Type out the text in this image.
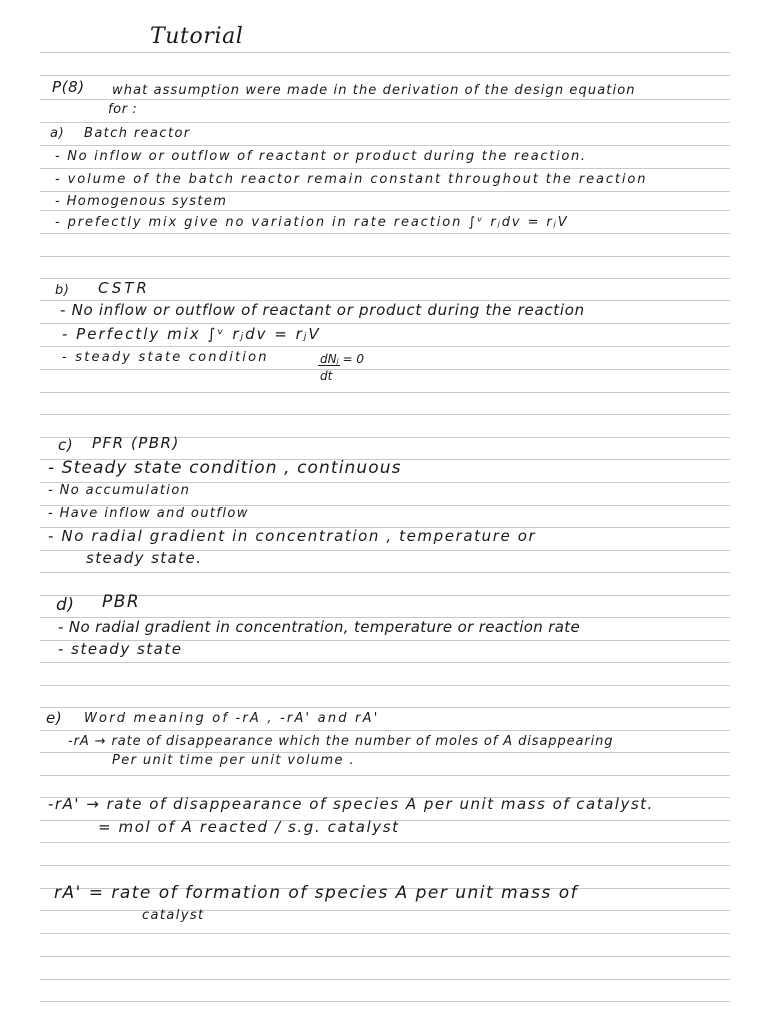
Tutorial
P(8) what assumption were made in the derivation of the design equation
for :
a) Batch reactor
- No inflow or outflow of reactant or product during the reaction.
- volume of the batch reactor remain constant throughout the reaction
- Homogenous system
- prefectly mix give no variation in rate reaction ∫ᵛ rⱼdv = rⱼV
b) CSTR
- No inflow or outflow of reactant or product during the reaction
- Perfectly mix ∫ᵛ rⱼdv = rⱼV
- steady state condition	dNⱼ = 0
dt
c) PFR (PBR)
- Steady state condition , continuous
- No accumulation
- Have inflow and outflow
- No radial gradient in concentration , temperature or
steady state.
d) PBR
- No radial gradient in concentration, temperature or reaction rate
- steady state
e) Word meaning of -rA , -rA' and rA'
-rA → rate of disappearance which the number of moles of A disappearing
Per unit time per unit volume .
-rA' → rate of disappearance of species A per unit mass of catalyst.
= mol of A reacted / s.g. catalyst
rA' = rate of formation of species A per unit mass of
catalyst
